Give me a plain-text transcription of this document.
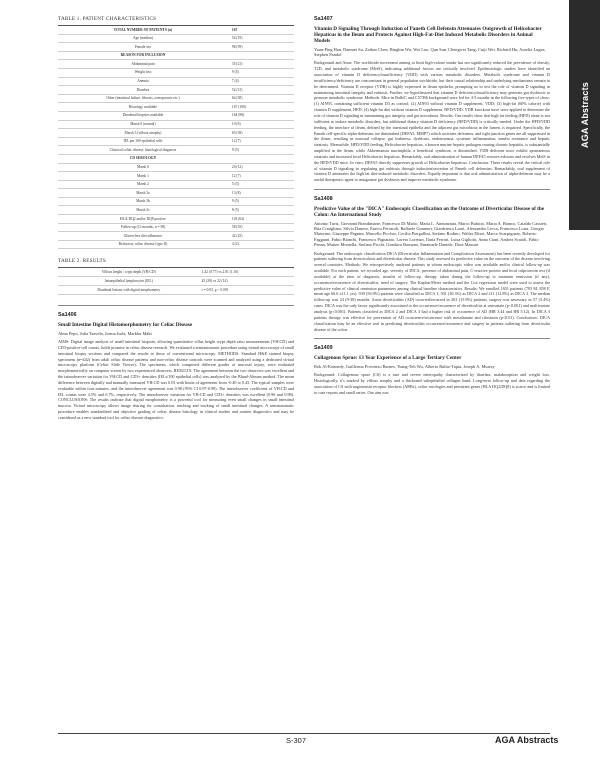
TABLE 1. PATIENT CHARACTERISTICS
TOTAL NUMBER OF PATIENTS (n)	167
Age (median)	54 (19)
Female sex	98 (59)
REASON FOR INCLUSION	
Abdominal pain	35 (21)
Weight loss	9 (5)
Anemia	7 (4)
Diarrhea	52 (31)
Other (intestinal failure, fibrosis, osteoporosis etc.)	64 (38)
Histology available	167 (100)
Duodenal biopsies available	164 (98)
Marsh 0 (normal)	10 (6)
Marsh 3 (villous atrophy)	65 (39)
IEL per 100 epithelial cells	12 (7)
Classical celiac disease, histological diagnosis	9 (5)
CD SEROLOGY	
Marsh 0	20 (12)
Marsh 1	12 (7)
Marsh 2	5 (3)
Marsh 3a	13 (8)
Marsh 3b	9 (5)
Marsh 3c	8 (5)
HLA-DQ2 and/or DQ8 positive	103 (62)
Follow-up (12 months, n = 58)	58 (35)
Gluten-free diet adherence	42 (25)
Refractory celiac disease (type II)	4 (2)
TABLE 2. RESULTS
Villous height / crypt depth (VH:CD)	1.42 (0.77) vs 2.81 (1.16)
Intraepithelial lymphocytes (IEL)	45 (29) vs 22 (14)
Duodenal lesions with digital morphometry	r = 0.93, p < 0.001
Sa1406
Small Intestine Digital Histomorphometry for Celiac Disease
Alma Pepo, Julia Taavela, Jorma Isola, Markku Mäki

AIMS: Digital image analysis of small intestinal biopsies, allowing quantitative villus height crypt depth ratio measurements (VH:CD) and CD3-positive cell counts, holds promise in celiac disease research. We evaluated a semiautomatic procedure using virtual microscopy of small intestinal biopsy sections and compared the results to those of conventional microscopy. METHODS: Standard H&E stained biopsy specimens (n=442) from adult celiac disease patients and non-celiac disease controls were scanned and analyzed using a dedicated virtual microscopy platform (Celiac Slide Viewer). The specimens, which comprised different grades of mucosal injury, were evaluated morphometrically on computer screen by two experienced observers. RESULTS: The agreement between the two observers was excellent and the intraobserver variation for VH:CD and CD3+ densities (IELs/100 epithelial cells) was analyzed by the Bland-Altman method. The mean difference between digitally and manually measured VH:CD was 0.03 with limits of agreement from -0.40 to 0.45. The typical samples were evaluable within four minutes, and the interobserver agreement was 0.98 (95% CI 0.97-0.99). The interobserver coefficient of VH:CD and IEL counts were 4.5% and 6.7%, respectively. The intraobserver variation for VH:CD and CD3+ densities was excellent (0.96 and 0.98). CONCLUSIONS: The results indicate that digital morphometry is a powerful tool for measuring even small changes in small intestinal mucosa. Virtual microscopy allows image sharing for consultation, teaching and tracking of small intestinal changes. A semiautomatic procedure enables standardized and objective grading of celiac disease histology in clinical studies and routine diagnostics and may be considered as a new standard tool for celiac disease diagnostics.

Sa1407
Vitamin D Signaling Through Induction of Paneth Cell Defensin Attenuates Outgrowth of Helicobacter Hepaticus in the Ileum and Protects Against High-Fat-Diet Induced Metabolic Disorders in Animal Models
Yuan-Ping Han, Danmei Su, Zaibao Chen, Bingbin Wu, Wei Luo, Qun Sun, Chengwei Tang, Cuiji Wei, Richard Hu, Aurelia Lugea, Stephen Pandol

Background and Aims: The worldwide movement aiming to limit high-calorie intake has not significantly reduced the prevalence of obesity, T2D, and metabolic syndrome (MetS), indicating additional factors are critically involved. Epidemiologic studies have identified an association of vitamin D deficiency/insufficiency (VDD) with various metabolic disorders. Metabolic syndrome and vitamin D insufficiency/deficiency are concomitant in general population worldwide, but their causal relationship and underlying mechanisms remain to be determined. Vitamin D receptor (VDR) is highly expressed in ileum epithelia, prompting us to test the role of vitamin D signaling in maintaining intestinal integrity and eubiosis. Further, we hypothesized that vitamin D deficiency/insufficiency may generate gut dysbiosis to promote metabolic syndrome. Methods: Mice in Balb/C and C57/B6 background were fed for 4-5 months in the following five types of chow: (1) AIN93, containing sufficient vitamin D3 as control; (2) AIN93 without vitamin D supplement, VDD; (3) high-fat (60% calorie) with vitamin D supplement, HFD; (4) high-fat diet without vitamin D supplement, HFD/VDD. VDR knockout mice were applied to determine the role of vitamin D signaling in maintaining gut integrity and gut microbiota. Results: Our results show that high fat feeding (HFD) alone is not sufficient to induce metabolic disorders, but additional dietary vitamin D deficiency (HFD/VDD) is critically needed. Under the HFD/VDD feeding, the interface of ileum, defined by the intestinal epithelia and the adjacent gut microbiota in the lumen, is impaired. Specifically, the Paneth cell-specific alpha-defensins are diminished (DEFA5, MMP7) which activates defensins, and tight junction genes are all suppressed in the ileum, resulting in mucosal collapse, gut leakiness, dysbiosis, endotoxemia, systemic inflammation, insulin resistance and hepatic steatosis. Meanwhile, HFD/VDD feeding, Helicobacter hepaticus, a known murine hepatic pathogen causing chronic hepatitis, is substantially amplified in the ileum, while Akkermansia muciniphila, a beneficial symbiont, is diminished. VDR deficient mice exhibit spontaneous steatosis and increased fecal Helicobacter hepaticus. Remarkably, oral administration of human DEFA5 restores eubiosis and resolves MetS in the HFD/VDD mice. In vitro, DEFA5 directly suppresses growth of Helicobacter hepaticus. Conclusion: These results reveal the critical role of vitamin D signaling in regulating gut eubiosis through induction/secretion of Paneth cell defensins. Remarkably, oral supplement of vitamin D attenuates the high fat diet-induced metabolic disorders. Equally important is that oral administration of alpha-defensin may be a useful therapeutic agent to antagonize gut dysbiosis and improve metabolic syndrome.

Sa1408
Predictive Value of the "DICA" Endoscopic Classification on the Outcome of Diverticular Disease of the Colon: An International Study
Antonio Tursi, Giovanni Brandimarte, Francesco Di Mario, Maria L. Annunziata, Marco Bafutto, Maria A. Bianco, Cataldo Cassieri, Rita Conigliaro, Silvio Danese, Enrico Ferraroli, Raffaele Guarneri, Gianfranco Lauri, Alessandro Lecca, Francesco Loria, Giorgio Maiorino, Giuseppe Pagnini, Marcello Picchio, Cecilia Piergallini, Stefano Rodino, Walter Elisei, Marco Scarpignato, Roberto Faggiani, Fabio Bianchi, Francesco Pignataro, Loreto Lorenzo, Ilaria Ferrari, Luisa Gigliotti, Anna Ciani, Andrea Scaioli, Fabio Penna, Matteo Montella, Stefano Picchi, Gianluca Romano, Emanuele Daniele, Dora Massari

Background: The endoscopic classification DICA (Diverticular Inflammation and Complication Assessment) has been recently developed for patients suffering from diverticulosis and diverticular disease. This study assessed its predictive value on the outcome of the disease involving several countries. Methods: We retrospectively analysed patients in whom endoscopic video was available and/or clinical follow-up was available. For each patient, we recorded age, severity of DICA, presence of abdominal pain, C-reactive protein and fecal calprotectin test (if available) at the time of diagnosis, months of follow-up, therapy taken during the follow-up to maintain remission (if any), occurrence/recurrence of diverticulitis, need of surgery. The Kaplan-Meier method and the Cox regression model were used to assess the predictive value of clinical remission parameters among clinical baseline characteristics. Results: We enrolled 1651 patients (793 M, 858 F, mean age 66.6 ±11.1 yrs): 939 (56.9%) patients were classified as DICA 1, 501 (30.3%) as DICA 2 and 211 (12.8%) as DICA 3. The median follow-up was 24 (9-38) months. Acute diverticulitis (AD) occurred/recurred in 263 (15.9%) patients, surgery was necessary in 57 (3.4%) cases. DICA was the only factor significantly associated to the occurrence/recurrence of diverticulitis at univariate (p<0.001) and multivariate analysis (p<0.001). Patients classified as DICA 2 and DICA 3 had a higher risk of occurrence of AD (HR 3.44 and HR 5.12). In DICA 3 patients therapy was effective for prevention of AD occurrence/recurrence with mesalamine and rifaximin (p<0.01). Conclusions: DICA classification may be an effective tool in predicting diverticulitis occurrence/recurrence and surgery in patients suffering from diverticular disease of the colon.

Sa1409
Collagenous Sprue: 13 Year Experience of a Large Tertiary Center
Rok Al-Kennedy, Guillermo Provenzo Barnes, Tsung-Teh Wu, Alberto Rubio-Tapia, Joseph A. Murray

Background: Collagenous sprue (CS) is a rare and severe enteropathy characterized by diarrhea, malabsorption and weight loss. Histologically, it's marked by villous atrophy and a thickened subepithelial collagen band. Long-term follow-up and data regarding the association of CS with angiotensin receptor blockers (ARBs), celiac serologies and persistent genes (HLA DQ2/DQ8) is scarce and is limited to case reports and small series. Our aim was

AGA Abstracts
S-307	AGA Abstracts
